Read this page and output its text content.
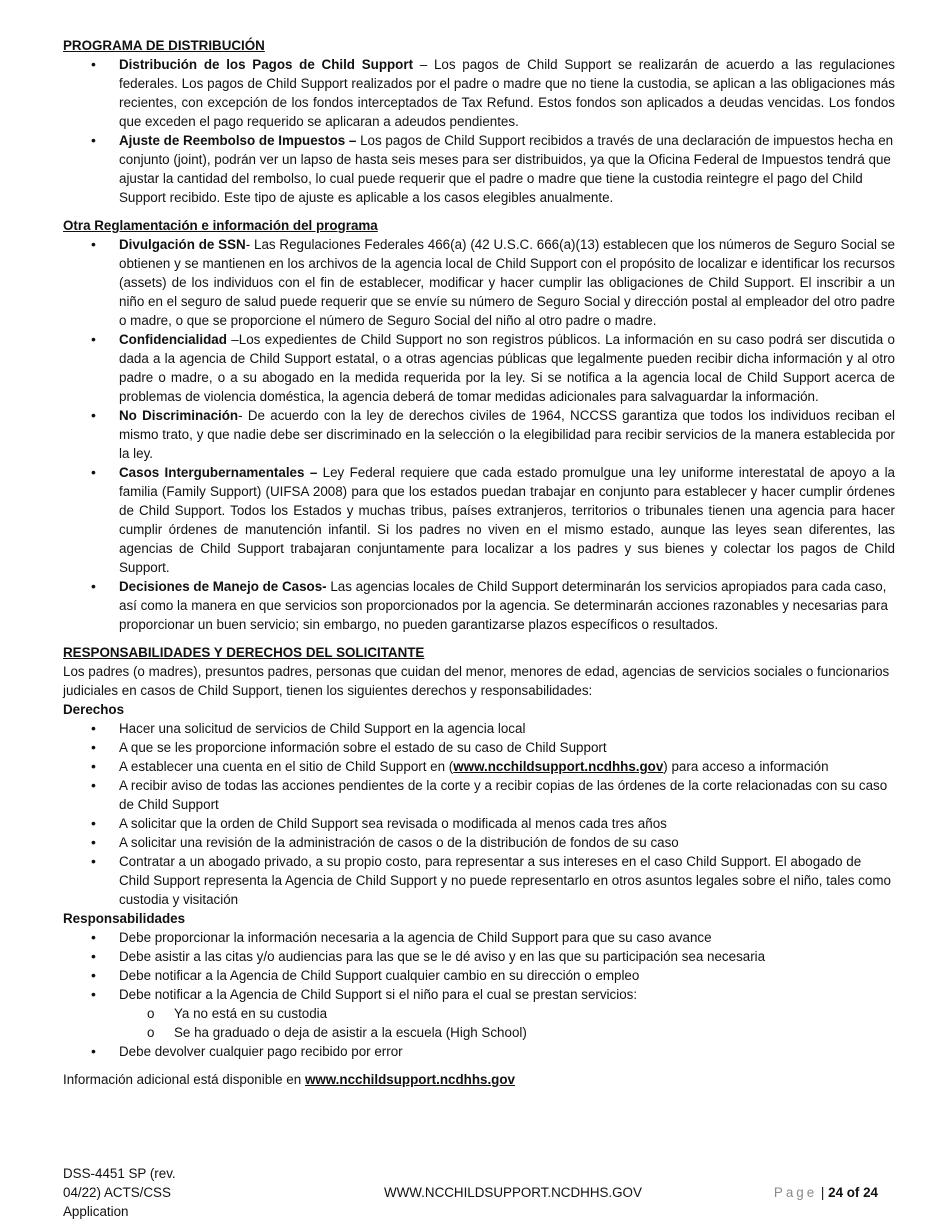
PROGRAMA DE DISTRIBUCIÓN

• Distribución de los Pagos de Child Support – Los pagos de Child Support se realizarán de acuerdo a las regulaciones federales. Los pagos de Child Support realizados por el padre o madre que no tiene la custodia, se aplican a las obligaciones más recientes, con excepción de los fondos interceptados de Tax Refund. Estos fondos son aplicados a deudas vencidas. Los fondos que exceden el pago requerido se aplicaran a adeudos pendientes.
• Ajuste de Reembolso de Impuestos – Los pagos de Child Support recibidos a través de una declaración de impuestos hecha en conjunto (joint), podrán ver un lapso de hasta seis meses para ser distribuidos, ya que la Oficina Federal de Impuestos tendrá que ajustar la cantidad del rembolso, lo cual puede requerir que el padre o madre que tiene la custodia reintegre el pago del Child Support recibido. Este tipo de ajuste es aplicable a los casos elegibles anualmente.

Otra Reglamentación e información del programa

• Divulgación de SSN- Las Regulaciones Federales 466(a) (42 U.S.C. 666(a)(13) establecen que los números de Seguro Social se obtienen y se mantienen en los archivos de la agencia local de Child Support con el propósito de localizar e identificar los recursos (assets) de los individuos con el fin de establecer, modificar y hacer cumplir las obligaciones de Child Support. El inscribir a un niño en el seguro de salud puede requerir que se envíe su número de Seguro Social y dirección postal al empleador del otro padre o madre, o que se proporcione el número de Seguro Social del niño al otro padre o madre.
• Confidencialidad –Los expedientes de Child Support no son registros públicos. La información en su caso podrá ser discutida o dada a la agencia de Child Support estatal, o a otras agencias públicas que legalmente pueden recibir dicha información y al otro padre o madre, o a su abogado en la medida requerida por la ley. Si se notifica a la agencia local de Child Support acerca de problemas de violencia doméstica, la agencia deberá de tomar medidas adicionales para salvaguardar la información.
• No Discriminación- De acuerdo con la ley de derechos civiles de 1964, NCCSS garantiza que todos los individuos reciban el mismo trato, y que nadie debe ser discriminado en la selección o la elegibilidad para recibir servicios de la manera establecida por la ley.
• Casos Intergubernamentales – Ley Federal requiere que cada estado promulgue una ley uniforme interestatal de apoyo a la familia (Family Support) (UIFSA 2008) para que los estados puedan trabajar en conjunto para establecer y hacer cumplir órdenes de Child Support. Todos los Estados y muchas tribus, países extranjeros, territorios o tribunales tienen una agencia para hacer cumplir órdenes de manutención infantil. Si los padres no viven en el mismo estado, aunque las leyes sean diferentes, las agencias de Child Support trabajaran conjuntamente para localizar a los padres y sus bienes y colectar los pagos de Child Support.
• Decisiones de Manejo de Casos- Las agencias locales de Child Support determinarán los servicios apropiados para cada caso, así como la manera en que servicios son proporcionados por la agencia. Se determinarán acciones razonables y necesarias para proporcionar un buen servicio; sin embargo, no pueden garantizarse plazos específicos o resultados.

RESPONSABILIDADES Y DERECHOS DEL SOLICITANTE

Los padres (o madres), presuntos padres, personas que cuidan del menor, menores de edad, agencias de servicios sociales o funcionarios judiciales en casos de Child Support, tienen los siguientes derechos y responsabilidades:

Derechos

• Hacer una solicitud de servicios de Child Support en la agencia local
• A que se les proporcione información sobre el estado de su caso de Child Support
• A establecer una cuenta en el sitio de Child Support en (www.ncchildsupport.ncdhhs.gov) para acceso a información
• A recibir aviso de todas las acciones pendientes de la corte y a recibir copias de las órdenes de la corte relacionadas con su caso de Child Support
• A solicitar que la orden de Child Support sea revisada o modificada al menos cada tres años
• A solicitar una revisión de la administración de casos o de la distribución de fondos de su caso
• Contratar a un abogado privado, a su propio costo, para representar a sus intereses en el caso Child Support. El abogado de Child Support representa la Agencia de Child Support y no puede representarlo en otros asuntos legales sobre el niño, tales como custodia y visitación

Responsabilidades

• Debe proporcionar la información necesaria a la agencia de Child Support para que su caso avance
• Debe asistir a las citas y/o audiencias para las que se le dé aviso y en las que su participación sea necesaria
• Debe notificar a la Agencia de Child Support cualquier cambio en su dirección o empleo
• Debe notificar a la Agencia de Child Support si el niño para el cual se prestan servicios:
o Ya no está en su custodia
o Se ha graduado o deja de asistir a la escuela (High School)
• Debe devolver cualquier pago recibido por error

Información adicional está disponible en www.ncchildsupport.ncdhhs.gov

DSS-4451 SP (rev.
04/22) ACTS/CSS
Application
WWW.NCCHILDSUPPORT.NCDHHS.GOV	Page | 24 of 24
